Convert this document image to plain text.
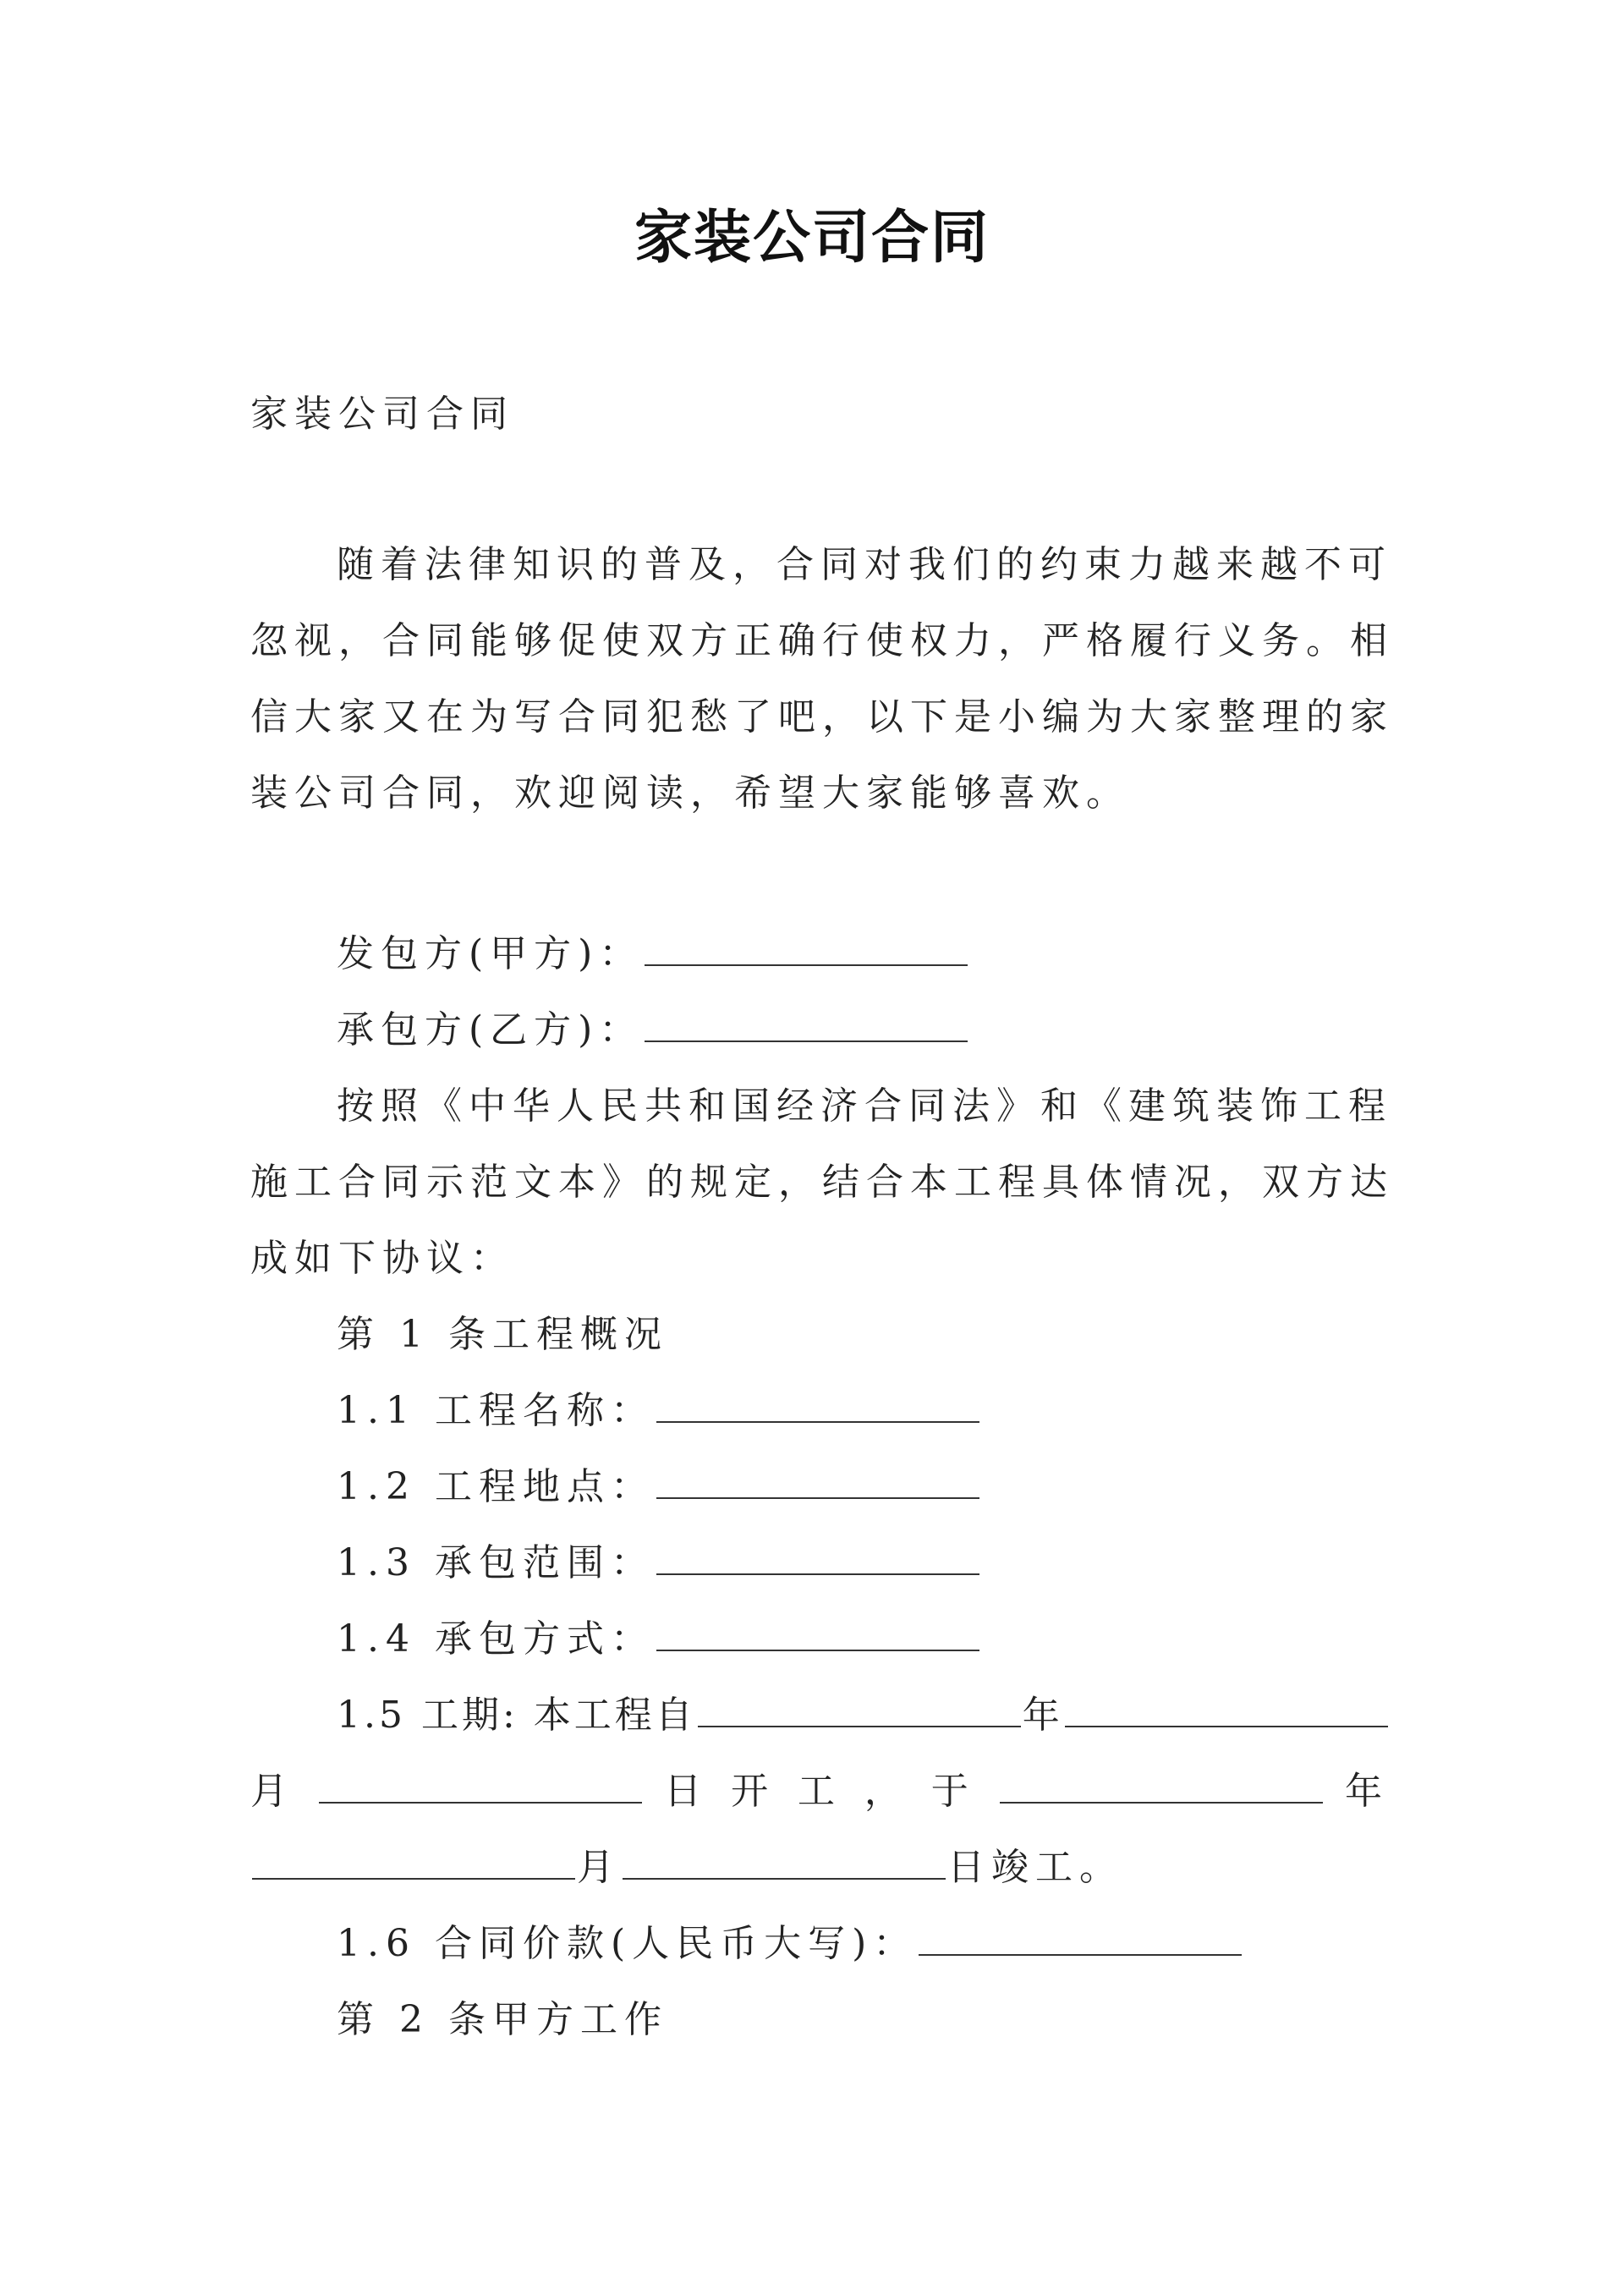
家装公司合同
家装公司合同
随着法律知识的普及，合同对我们的约束力越来越不可
忽视，合同能够促使双方正确行使权力，严格履行义务。相
信大家又在为写合同犯愁了吧，以下是小编为大家整理的家
装公司合同，欢迎阅读，希望大家能够喜欢。
发包方(甲方)：
承包方(乙方)：
按照《中华人民共和国经济合同法》和《建筑装饰工程
施工合同示范文本》的规定，结合本工程具体情况，双方达
成如下协议：
第 1 条工程概况
1.1 工程名称：
1.2 工程地点：
1.3 承包范围：
1.4 承包方式：
1.5 工期: 本工程自	年
月	日 开 工 ， 于	年
月	日竣工。
1.6 合同价款(人民币大写)：
第 2 条甲方工作
